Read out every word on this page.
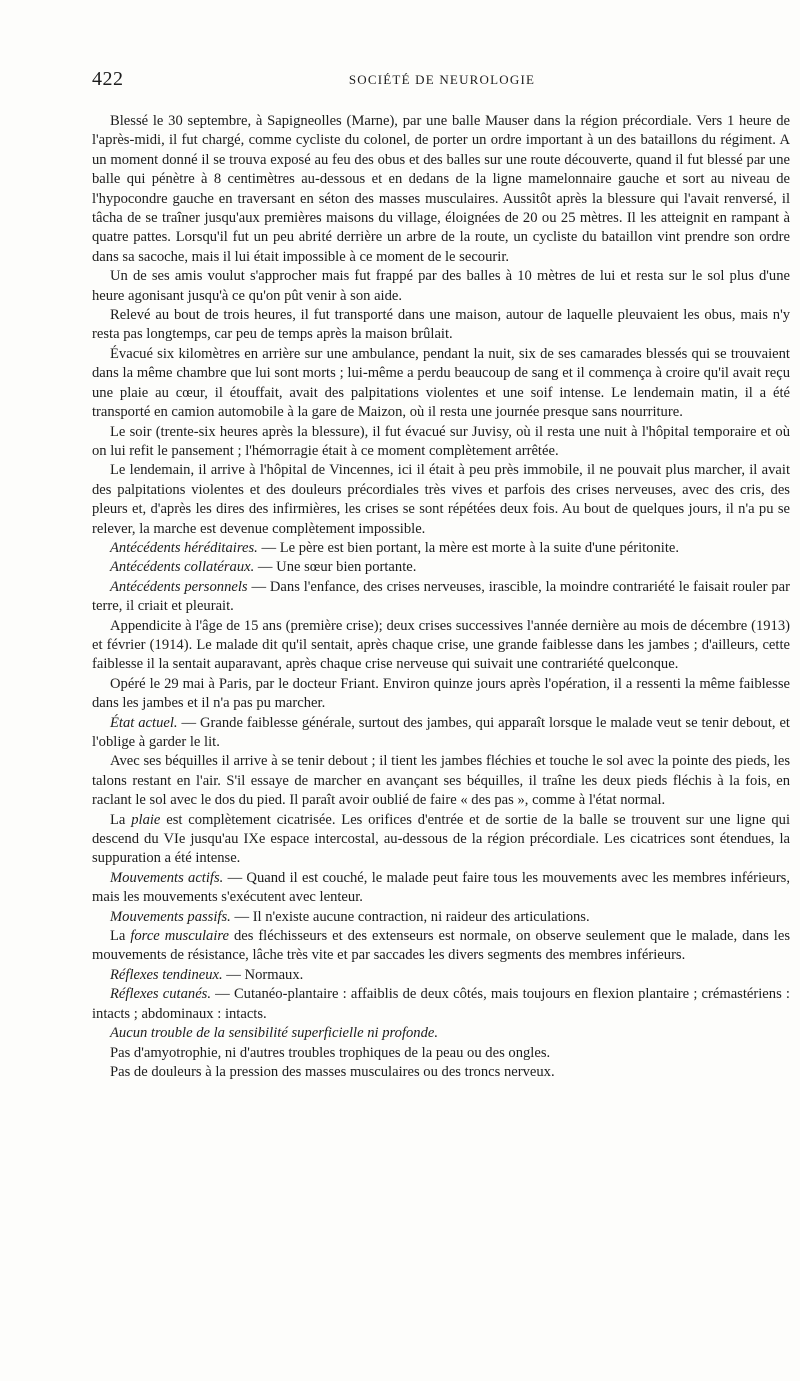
422	SOCIÉTÉ DE NEUROLOGIE

Blessé le 30 septembre, à Sapigneolles (Marne), par une balle Mauser dans la région précordiale. Vers 1 heure de l'après-midi, il fut chargé, comme cycliste du colonel, de porter un ordre important à un des bataillons du régiment. A un moment donné il se trouva exposé au feu des obus et des balles sur une route découverte, quand il fut blessé par une balle qui pénètre à 8 centimètres au-dessous et en dedans de la ligne mamelonnaire gauche et sort au niveau de l'hypocondre gauche en traversant en séton des masses musculaires. Aussitôt après la blessure qui l'avait renversé, il tâcha de se traîner jusqu'aux premières maisons du village, éloignées de 20 ou 25 mètres. Il les atteignit en rampant à quatre pattes. Lorsqu'il fut un peu abrité derrière un arbre de la route, un cycliste du bataillon vint prendre son ordre dans sa sacoche, mais il lui était impossible à ce moment de le secourir.

Un de ses amis voulut s'approcher mais fut frappé par des balles à 10 mètres de lui et resta sur le sol plus d'une heure agonisant jusqu'à ce qu'on pût venir à son aide.

Relevé au bout de trois heures, il fut transporté dans une maison, autour de laquelle pleuvaient les obus, mais n'y resta pas longtemps, car peu de temps après la maison brûlait.

Évacué six kilomètres en arrière sur une ambulance, pendant la nuit, six de ses camarades blessés qui se trouvaient dans la même chambre que lui sont morts ; lui-même a perdu beaucoup de sang et il commença à croire qu'il avait reçu une plaie au cœur, il étouffait, avait des palpitations violentes et une soif intense. Le lendemain matin, il a été transporté en camion automobile à la gare de Maizon, où il resta une journée presque sans nourriture.

Le soir (trente-six heures après la blessure), il fut évacué sur Juvisy, où il resta une nuit à l'hôpital temporaire et où on lui refit le pansement ; l'hémorragie était à ce moment complètement arrêtée.

Le lendemain, il arrive à l'hôpital de Vincennes, ici il était à peu près immobile, il ne pouvait plus marcher, il avait des palpitations violentes et des douleurs précordiales très vives et parfois des crises nerveuses, avec des cris, des pleurs et, d'après les dires des infirmières, les crises se sont répétées deux fois. Au bout de quelques jours, il n'a pu se relever, la marche est devenue complètement impossible.

Antécédents héréditaires. — Le père est bien portant, la mère est morte à la suite d'une péritonite.

Antécédents collatéraux. — Une sœur bien portante.

Antécédents personnels — Dans l'enfance, des crises nerveuses, irascible, la moindre contrariété le faisait rouler par terre, il criait et pleurait.

Appendicite à l'âge de 15 ans (première crise); deux crises successives l'année dernière au mois de décembre (1913) et février (1914). Le malade dit qu'il sentait, après chaque crise, une grande faiblesse dans les jambes ; d'ailleurs, cette faiblesse il la sentait auparavant, après chaque crise nerveuse qui suivait une contrariété quelconque.

Opéré le 29 mai à Paris, par le docteur Friant. Environ quinze jours après l'opération, il a ressenti la même faiblesse dans les jambes et il n'a pas pu marcher.

État actuel. — Grande faiblesse générale, surtout des jambes, qui apparaît lorsque le malade veut se tenir debout, et l'oblige à garder le lit.

Avec ses béquilles il arrive à se tenir debout ; il tient les jambes fléchies et touche le sol avec la pointe des pieds, les talons restant en l'air. S'il essaye de marcher en avançant ses béquilles, il traîne les deux pieds fléchis à la fois, en raclant le sol avec le dos du pied. Il paraît avoir oublié de faire « des pas », comme à l'état normal.

La plaie est complètement cicatrisée. Les orifices d'entrée et de sortie de la balle se trouvent sur une ligne qui descend du VIe jusqu'au IXe espace intercostal, au-dessous de la région précordiale. Les cicatrices sont étendues, la suppuration a été intense.

Mouvements actifs. — Quand il est couché, le malade peut faire tous les mouvements avec les membres inférieurs, mais les mouvements s'exécutent avec lenteur.

Mouvements passifs. — Il n'existe aucune contraction, ni raideur des articulations.

La force musculaire des fléchisseurs et des extenseurs est normale, on observe seulement que le malade, dans les mouvements de résistance, lâche très vite et par saccades les divers segments des membres inférieurs.

Réflexes tendineux. — Normaux.

Réflexes cutanés. — Cutanéo-plantaire : affaiblis de deux côtés, mais toujours en flexion plantaire ; crémastériens : intacts ; abdominaux : intacts.

Aucun trouble de la sensibilité superficielle ni profonde.

Pas d'amyotrophie, ni d'autres troubles trophiques de la peau ou des ongles.

Pas de douleurs à la pression des masses musculaires ou des troncs nerveux.
